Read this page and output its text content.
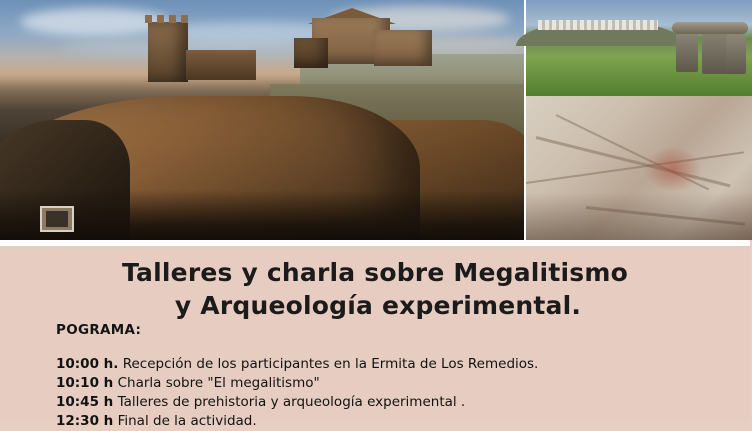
Talleres y charla sobre Megalitismo
y Arqueología experimental.
POGRAMA:
10:00 h. Recepción de los participantes en la Ermita de Los Remedios.
10:10 h Charla sobre "El megalitismo"
10:45 h Talleres de prehistoria y arqueología experimental .
12:30 h Final de la actividad.
